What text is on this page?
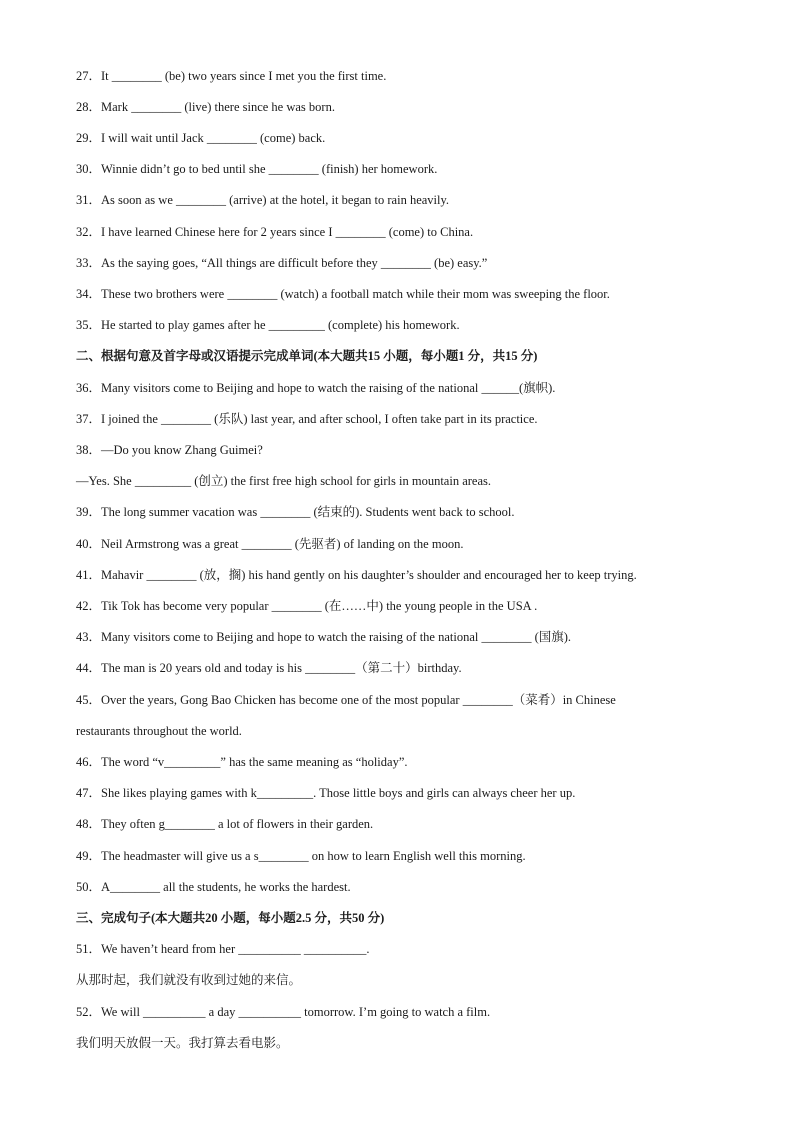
27．It ________ (be) two years since I met you the first time.
28．Mark ________ (live) there since he was born.
29．I will wait until Jack ________ (come) back.
30．Winnie didn’t go to bed until she ________ (finish) her homework.
31．As soon as we ________ (arrive) at the hotel, it began to rain heavily.
32．I have learned Chinese here for 2 years since I ________ (come) to China.
33．As the saying goes, “All things are difficult before they ________ (be) easy.”
34．These two brothers were ________ (watch) a football match while their mom was sweeping the floor.
35．He started to play games after he _________ (complete) his homework.
二、根据句意及首字母或汉语提示完成单词(本大题共15 小题，每小题1 分，共15 分)
36．Many visitors come to Beijing and hope to watch the raising of the national ______(旗帜).
37．I joined the ________ (乐队) last year, and after school, I often take part in its practice.
38．—Do you know Zhang Guimei?
—Yes. She _________ (创立) the first free high school for girls in mountain areas.
39．The long summer vacation was ________ (结束的). Students went back to school.
40．Neil Armstrong was a great ________ (先驱者) of landing on the moon.
41．Mahavir ________ (放，搁) his hand gently on his daughter’s shoulder and encouraged her to keep trying.
42．Tik Tok has become very popular ________ (在……中) the young people in the USA .
43．Many visitors come to Beijing and hope to watch the raising of the national ________ (国旗).
44．The man is 20 years old and today is his ________（第二十）birthday.
45．Over the years, Gong Bao Chicken has become one of the most popular ________（菜肴）in Chinese
restaurants throughout the world.
46．The word “v_________” has the same meaning as “holiday”.
47．She likes playing games with k_________. Those little boys and girls can always cheer her up.
48．They often g________ a lot of flowers in their garden.
49．The headmaster will give us a s________ on how to learn English well this morning.
50．A________ all the students, he works the hardest.
三、完成句子(本大题共20 小题，每小题2.5 分，共50 分)
51．We haven’t heard from her __________ __________.
从那时起，我们就没有收到过她的来信。
52．We will __________ a day __________ tomorrow. I’m going to watch a film.
我们明天放假一天。我打算去看电影。
